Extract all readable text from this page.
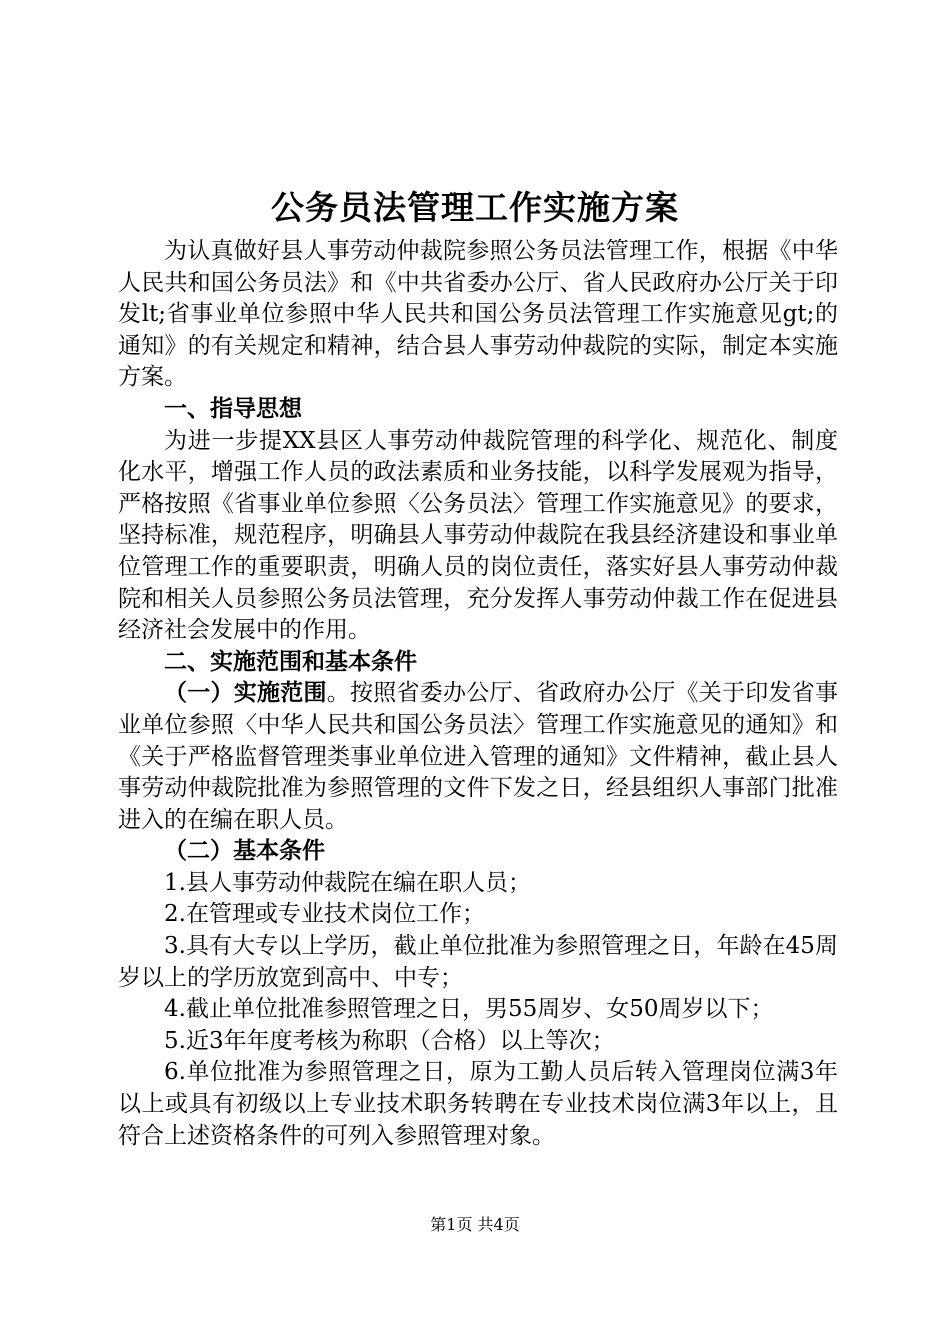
公务员法管理工作实施方案

为认真做好县人事劳动仲裁院参照公务员法管理工作，根据《中华人民共和国公务员法》和《中共省委办公厅、省人民政府办公厅关于印发lt;省事业单位参照中华人民共和国公务员法管理工作实施意见gt;的通知》的有关规定和精神，结合县人事劳动仲裁院的实际，制定本实施方案。

一、指导思想

为进一步提XX县区人事劳动仲裁院管理的科学化、规范化、制度化水平，增强工作人员的政法素质和业务技能，以科学发展观为指导，严格按照《省事业单位参照〈公务员法〉管理工作实施意见》的要求，坚持标准，规范程序，明确县人事劳动仲裁院在我县经济建设和事业单位管理工作的重要职责，明确人员的岗位责任，落实好县人事劳动仲裁院和相关人员参照公务员法管理，充分发挥人事劳动仲裁工作在促进县经济社会发展中的作用。

二、实施范围和基本条件

（一）实施范围。按照省委办公厅、省政府办公厅《关于印发省事业单位参照〈中华人民共和国公务员法〉管理工作实施意见的通知》和《关于严格监督管理类事业单位进入管理的通知》文件精神，截止县人事劳动仲裁院批准为参照管理的文件下发之日，经县组织人事部门批准进入的在编在职人员。

（二）基本条件

1.县人事劳动仲裁院在编在职人员；

2.在管理或专业技术岗位工作；

3.具有大专以上学历，截止单位批准为参照管理之日，年龄在45周岁以上的学历放宽到高中、中专；

4.截止单位批准参照管理之日，男55周岁、女50周岁以下；

5.近3年年度考核为称职（合格）以上等次；

6.单位批准为参照管理之日，原为工勤人员后转入管理岗位满3年以上或具有初级以上专业技术职务转聘在专业技术岗位满3年以上，且符合上述资格条件的可列入参照管理对象。

第1页 共4页
